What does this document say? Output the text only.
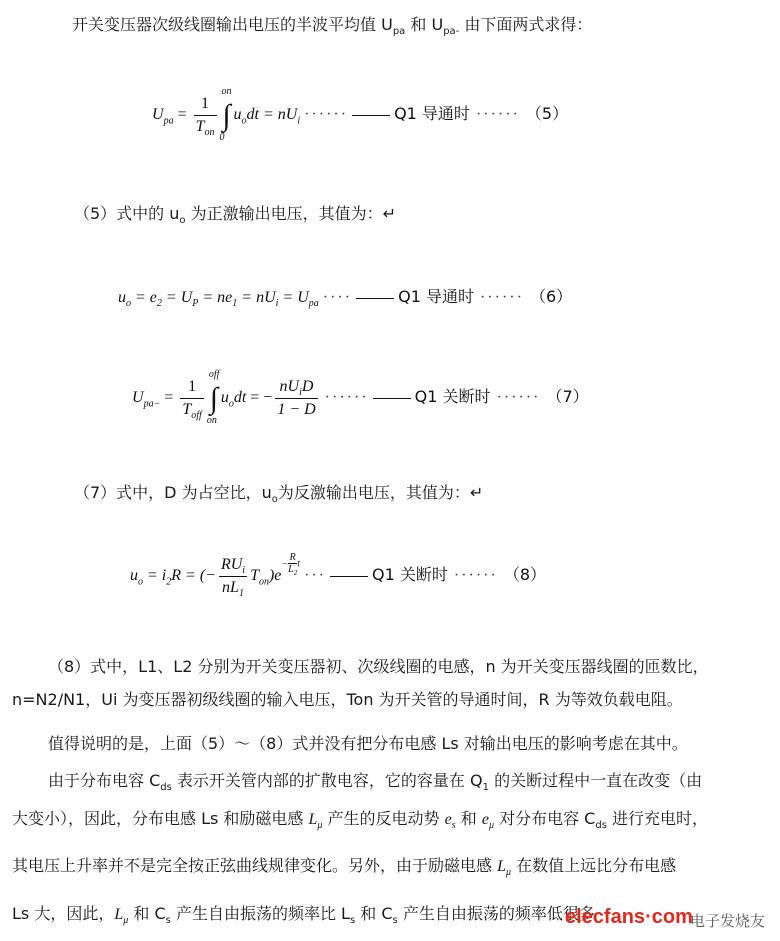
开关变压器次级线圈输出电压的半波平均值 $U_{pa}$ 和 $U_{pa-}$ 由下面两式求得：
$U_{pa} = \frac{1}{T_{on}}$ ∫
on
0
$u_odt = nU_i$ ······	Q1 导通时 ······ （5）
（5）式中的 $u_o$ 为正激输出电压，其值为：↵
$u_o = e_2 = U_P = ne_1 = nU_i = U_{pa}$ ····	Q1 导通时 ······ （6）
$U_{pa-} = \frac{1}{T_{off}}$ ∫
off
on
$u_odt$ = − $\frac{nU_iD}{1 - D}$ ······	Q1 关断时 ······ （7）
（7）式中，D 为占空比，$u_o$为反激输出电压，其值为：↵
$u_o = i_2R$ = (− $\frac{RU_i}{nL_1} T_{on})e- \frac{R}{L_2}$ t ···	Q1 关断时 ······ （8）
（8）式中，L1、L2 分别为开关变压器初、次级线圈的电感，n 为开关变压器线圈的匝数比，
n=N2/N1，Ui 为变压器初级线圈的输入电压，Ton 为开关管的导通时间，R 为等效负载电阻。
值得说明的是，上面（5）～（8）式并没有把分布电感 Ls 对输出电压的影响考虑在其中。
由于分布电容 $C_{ds}$ 表示开关管内部的扩散电容，它的容量在 $Q_1$ 的关断过程中一直在改变（由
大变小），因此，分布电感 Ls 和励磁电感 $L_\mu$ 产生的反电动势 $e_s$ 和 $e_\mu$ 对分布电容 $C_{ds}$ 进行充电时，
其电压上升率并不是完全按正弦曲线规律变化。另外，由于励磁电感 $L_\mu$ 在数值上远比分布电感
Ls 大，因此，$L_\mu$ 和 $C_s$ 产生自由振荡的频率比 $L_s$ 和 $C_s$ 产生自由振荡的频率低很多
elecfans·com
电子发烧友
